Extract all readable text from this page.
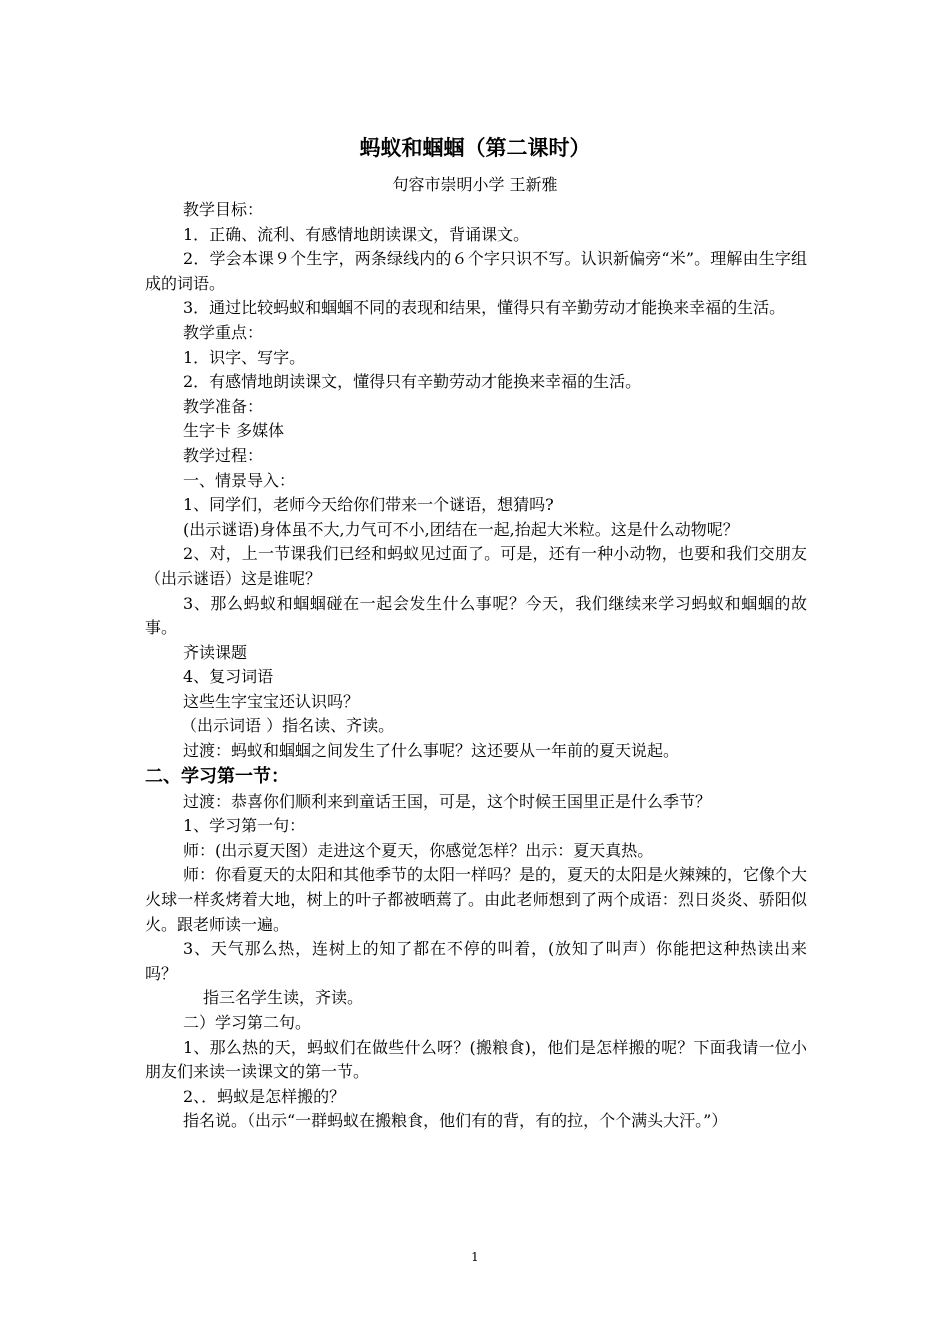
蚂蚁和蝈蝈（第二课时）
句容市崇明小学 王新雅

教学目标：

1．正确、流利、有感情地朗读课文，背诵课文。

2．学会本课９个生字，两条绿线内的６个字只识不写。认识新偏旁“米”。理解由生字组成的词语。

3．通过比较蚂蚁和蝈蝈不同的表现和结果，懂得只有辛勤劳动才能换来幸福的生活。

教学重点：

1．识字、写字。

2．有感情地朗读课文，懂得只有辛勤劳动才能换来幸福的生活。

教学准备：

生字卡 多媒体

教学过程：

一、情景导入：

1、同学们，老师今天给你们带来一个谜语，想猜吗?

(出示谜语)身体虽不大,力气可不小,团结在一起,抬起大米粒。这是什么动物呢？

2、对，上一节课我们已经和蚂蚁见过面了。可是，还有一种小动物，也要和我们交朋友（出示谜语）这是谁呢？

3、那么蚂蚁和蝈蝈碰在一起会发生什么事呢？今天，我们继续来学习蚂蚁和蝈蝈的故事。

齐读课题

4、复习词语

这些生字宝宝还认识吗？

（出示词语 ）指名读、齐读。

过渡：蚂蚁和蝈蝈之间发生了什么事呢？这还要从一年前的夏天说起。

二、学习第一节：

过渡：恭喜你们顺利来到童话王国，可是，这个时候王国里正是什么季节？

1、学习第一句：

师：(出示夏天图）走进这个夏天，你感觉怎样？出示：夏天真热。

师：你看夏天的太阳和其他季节的太阳一样吗？是的，夏天的太阳是火辣辣的，它像个大火球一样炙烤着大地，树上的叶子都被晒蔫了。由此老师想到了两个成语：烈日炎炎、骄阳似火。跟老师读一遍。

3、天气那么热，连树上的知了都在不停的叫着，(放知了叫声）你能把这种热读出来吗？

指三名学生读，齐读。

二）学习第二句。

1、那么热的天，蚂蚁们在做些什么呀？(搬粮食)，他们是怎样搬的呢？下面我请一位小朋友们来读一读课文的第一节。

2、．蚂蚁是怎样搬的？

指名说。（出示“一群蚂蚁在搬粮食，他们有的背，有的拉，个个满头大汗。”）

1
